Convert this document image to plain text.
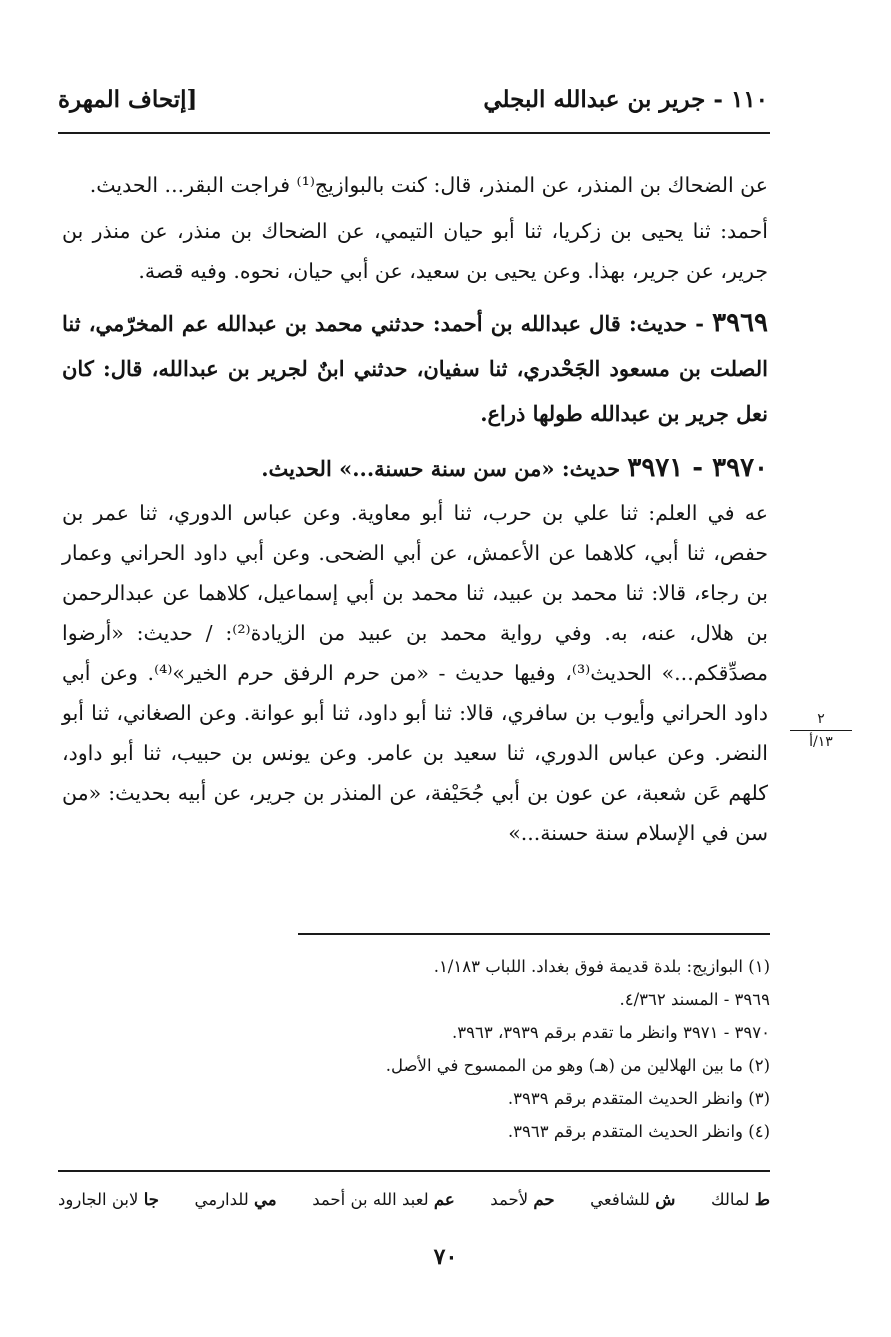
١١٠ - جرير بن عبدالله البجلي
[إتحاف المهرة

عن الضحاك بن المنذر، عن المنذر، قال: كنت بالبوازيج⁽¹⁾ فراجت البقر... الحديث.

أحمد: ثنا يحيى بن زكريا، ثنا أبو حيان التيمي، عن الضحاك بن منذر، عن منذر بن جرير، عن جرير، بهذا. وعن يحيى بن سعيد، عن أبي حيان، نحوه. وفيه قصة.

٣٩٦٩ - حديث: قال عبدالله بن أحمد: حدثني محمد بن عبدالله عم المخرّمي، ثنا الصلت بن مسعود الجَحْدري، ثنا سفيان، حدثني ابنٌ لجرير بن عبدالله، قال: كان نعل جرير بن عبدالله طولها ذراع.

٣٩٧٠ - ٣٩٧١ حديث: «من سن سنة حسنة...» الحديث.

عه في العلم: ثنا علي بن حرب، ثنا أبو معاوية. وعن عباس الدوري، ثنا عمر بن حفص، ثنا أبي، كلاهما عن الأعمش، عن أبي الضحى. وعن أبي داود الحراني وعمار بن رجاء، قالا: ثنا محمد بن عبيد، ثنا محمد بن أبي إسماعيل، كلاهما عن عبدالرحمن بن هلال، عنه، به. وفي رواية محمد بن عبيد من الزيادة⁽²⁾: / حديث: «أرضوا مصدِّقكم...» الحديث⁽³⁾، وفيها حديث - «من حرم الرفق حرم الخير»⁽⁴⁾. وعن أبي داود الحراني وأيوب بن سافري، قالا: ثنا أبو داود، ثنا أبو عوانة. وعن الصغاني، ثنا أبو النضر. وعن عباس الدوري، ثنا سعيد بن عامر. وعن يونس بن حبيب، ثنا أبو داود، كلهم عَن شعبة، عن عون بن أبي جُحَيْفة، عن المنذر بن جرير، عن أبيه بحديث: «من سن في الإسلام سنة حسنة...»

٢
١٣/أ
(١) البوازيج: بلدة قديمة فوق بغداد. اللباب ١/١٨٣.
٣٩٦٩ - المسند ٤/٣٦٢.
٣٩٧٠ - ٣٩٧١ وانظر ما تقدم برقم ٣٩٣٩، ٣٩٦٣.
(٢) ما بين الهلالين من (هـ) وهو من الممسوح في الأصل.
(٣) وانظر الحديث المتقدم برقم ٣٩٣٩.
(٤) وانظر الحديث المتقدم برقم ٣٩٦٣.
ط لمالك
ش للشافعي
حم لأحمد
عم لعبد الله بن أحمد
مي للدارمي
جا لابن الجارود
٧٠
